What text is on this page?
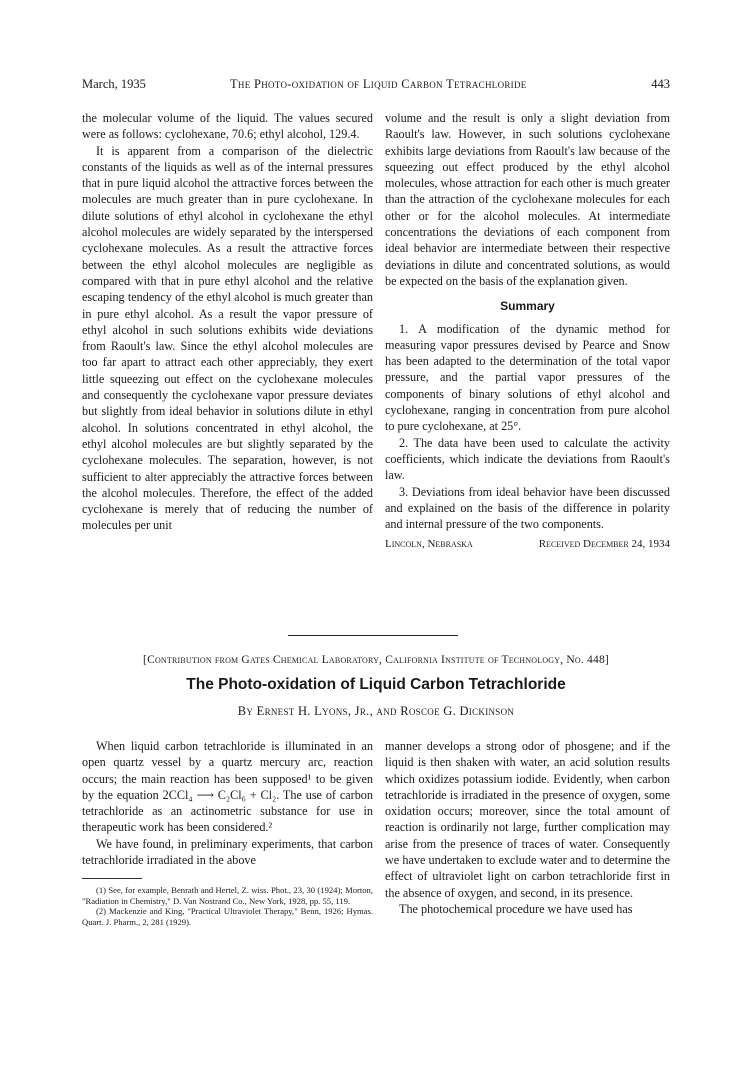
March, 1935	The Photo-oxidation of Liquid Carbon Tetrachloride	443

the molecular volume of the liquid. The values secured were as follows: cyclohexane, 70.6; ethyl alcohol, 129.4.

It is apparent from a comparison of the dielectric constants of the liquids as well as of the internal pressures that in pure liquid alcohol the attractive forces between the molecules are much greater than in pure cyclohexane. In dilute solutions of ethyl alcohol in cyclohexane the ethyl alcohol molecules are widely separated by the interspersed cyclohexane molecules. As a result the attractive forces between the ethyl alcohol molecules are negligible as compared with that in pure ethyl alcohol and the relative escaping tendency of the ethyl alcohol is much greater than in pure ethyl alcohol. As a result the vapor pressure of ethyl alcohol in such solutions exhibits wide deviations from Raoult's law. Since the ethyl alcohol molecules are too far apart to attract each other appreciably, they exert little squeezing out effect on the cyclohexane molecules and consequently the cyclohexane vapor pressure deviates but slightly from ideal behavior in solutions dilute in ethyl alcohol. In solutions concentrated in ethyl alcohol, the ethyl alcohol molecules are but slightly separated by the cyclohexane molecules. The separation, however, is not sufficient to alter appreciably the attractive forces between the alcohol molecules. Therefore, the effect of the added cyclohexane is merely that of reducing the number of molecules per unit

volume and the result is only a slight deviation from Raoult's law. However, in such solutions cyclohexane exhibits large deviations from Raoult's law because of the squeezing out effect produced by the ethyl alcohol molecules, whose attraction for each other is much greater than the attraction of the cyclohexane molecules for each other or for the alcohol molecules. At intermediate concentrations the deviations of each component from ideal behavior are intermediate between their respective deviations in dilute and concentrated solutions, as would be expected on the basis of the explanation given.

Summary

1. A modification of the dynamic method for measuring vapor pressures devised by Pearce and Snow has been adapted to the determination of the total vapor pressure, and the partial vapor pressures of the components of binary solutions of ethyl alcohol and cyclohexane, ranging in concentration from pure alcohol to pure cyclohexane, at 25°.

2. The data have been used to calculate the activity coefficients, which indicate the deviations from Raoult's law.

3. Deviations from ideal behavior have been discussed and explained on the basis of the difference in polarity and internal pressure of the two components.

Lincoln, Nebraska	Received December 24, 1934

[Contribution from Gates Chemical Laboratory, California Institute of Technology, No. 448]
The Photo-oxidation of Liquid Carbon Tetrachloride
By Ernest H. Lyons, Jr., and Roscoe G. Dickinson

When liquid carbon tetrachloride is illuminated in an open quartz vessel by a quartz mercury arc, reaction occurs; the main reaction has been supposed¹ to be given by the equation 2CCl₄ ⟶ C₂Cl₆ + Cl₂. The use of carbon tetrachloride as an actinometric substance for use in therapeutic work has been considered.²

We have found, in preliminary experiments, that carbon tetrachloride irradiated in the above

(1) See, for example, Benrath and Hertel, Z. wiss. Phot., 23, 30 (1924); Morton, "Radiation in Chemistry," D. Van Nostrand Co., New York, 1928, pp. 55, 119.

(2) Mackenzie and King, "Practical Ultraviolet Therapy," Benn, 1926; Hymas. Quart. J. Pharm., 2, 281 (1929).

manner develops a strong odor of phosgene; and if the liquid is then shaken with water, an acid solution results which oxidizes potassium iodide. Evidently, when carbon tetrachloride is irradiated in the presence of oxygen, some oxidation occurs; moreover, since the total amount of reaction is ordinarily not large, further complication may arise from the presence of traces of water. Consequently we have undertaken to exclude water and to determine the effect of ultraviolet light on carbon tetrachloride first in the absence of oxygen, and second, in its presence.

The photochemical procedure we have used has
